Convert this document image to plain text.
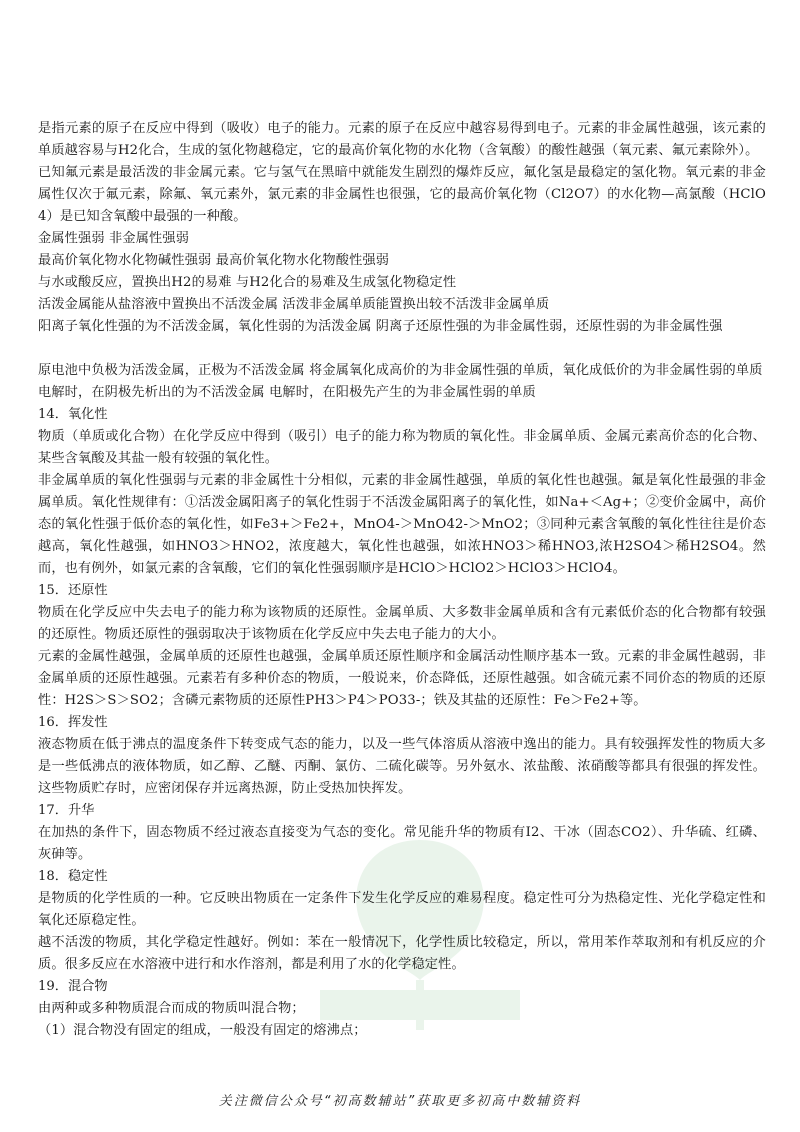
是指元素的原子在反应中得到（吸收）电子的能力。元素的原子在反应中越容易得到电子。元素的非金属性越强，该元素的单质越容易与H2化合，生成的氢化物越稳定，它的最高价氧化物的水化物（含氧酸）的酸性越强（氧元素、氟元素除外）。

已知氟元素是最活泼的非金属元素。它与氢气在黑暗中就能发生剧烈的爆炸反应，氟化氢是最稳定的氢化物。氧元素的非金属性仅次于氟元素，除氟、氧元素外，氯元素的非金属性也很强，它的最高价氧化物（Cl2O7）的水化物—高氯酸（HClO4）是已知含氧酸中最强的一种酸。

金属性强弱 非金属性强弱

最高价氧化物水化物碱性强弱 最高价氧化物水化物酸性强弱

与水或酸反应，置换出H2的易难 与H2化合的易难及生成氢化物稳定性

活泼金属能从盐溶液中置换出不活泼金属 活泼非金属单质能置换出较不活泼非金属单质

阳离子氧化性强的为不活泼金属，氧化性弱的为活泼金属 阴离子还原性强的为非金属性弱，还原性弱的为非金属性强

原电池中负极为活泼金属，正极为不活泼金属 将金属氧化成高价的为非金属性强的单质，氧化成低价的为非金属性弱的单质

电解时，在阴极先析出的为不活泼金属 电解时，在阳极先产生的为非金属性弱的单质

14．氧化性

物质（单质或化合物）在化学反应中得到（吸引）电子的能力称为物质的氧化性。非金属单质、金属元素高价态的化合物、某些含氧酸及其盐一般有较强的氧化性。

非金属单质的氧化性强弱与元素的非金属性十分相似，元素的非金属性越强，单质的氧化性也越强。氟是氧化性最强的非金属单质。氧化性规律有：①活泼金属阳离子的氧化性弱于不活泼金属阳离子的氧化性，如Na+＜Ag+；②变价金属中，高价态的氧化性强于低价态的氧化性，如Fe3+＞Fe2+，MnO4-＞MnO42-＞MnO2；③同种元素含氧酸的氧化性往往是价态越高，氧化性越强，如HNO3＞HNO2，浓度越大，氧化性也越强，如浓HNO3＞稀HNO3,浓H2SO4＞稀H2SO4。然而，也有例外，如氯元素的含氧酸，它们的氧化性强弱顺序是HClO＞HClO2＞HClO3＞HClO4。

15．还原性

物质在化学反应中失去电子的能力称为该物质的还原性。金属单质、大多数非金属单质和含有元素低价态的化合物都有较强的还原性。物质还原性的强弱取决于该物质在化学反应中失去电子能力的大小。

元素的金属性越强，金属单质的还原性也越强，金属单质还原性顺序和金属活动性顺序基本一致。元素的非金属性越弱，非金属单质的还原性越强。元素若有多种价态的物质，一般说来，价态降低，还原性越强。如含硫元素不同价态的物质的还原性：H2S＞S＞SO2；含磷元素物质的还原性PH3＞P4＞PO33-；铁及其盐的还原性：Fe＞Fe2+等。

16．挥发性

液态物质在低于沸点的温度条件下转变成气态的能力，以及一些气体溶质从溶液中逸出的能力。具有较强挥发性的物质大多是一些低沸点的液体物质，如乙醇、乙醚、丙酮、氯仿、二硫化碳等。另外氨水、浓盐酸、浓硝酸等都具有很强的挥发性。这些物质贮存时，应密闭保存并远离热源，防止受热加快挥发。

17．升华

在加热的条件下，固态物质不经过液态直接变为气态的变化。常见能升华的物质有I2、干冰（固态CO2）、升华硫、红磷、灰砷等。

18．稳定性

是物质的化学性质的一种。它反映出物质在一定条件下发生化学反应的难易程度。稳定性可分为热稳定性、光化学稳定性和氧化还原稳定性。

越不活泼的物质，其化学稳定性越好。例如：苯在一般情况下，化学性质比较稳定，所以，常用苯作萃取剂和有机反应的介质。很多反应在水溶液中进行和水作溶剂，都是利用了水的化学稳定性。

19．混合物

由两种或多种物质混合而成的物质叫混合物；

（1）混合物没有固定的组成，一般没有固定的熔沸点；

关注微信公众号“初高数辅站”获取更多初高中数辅资料
